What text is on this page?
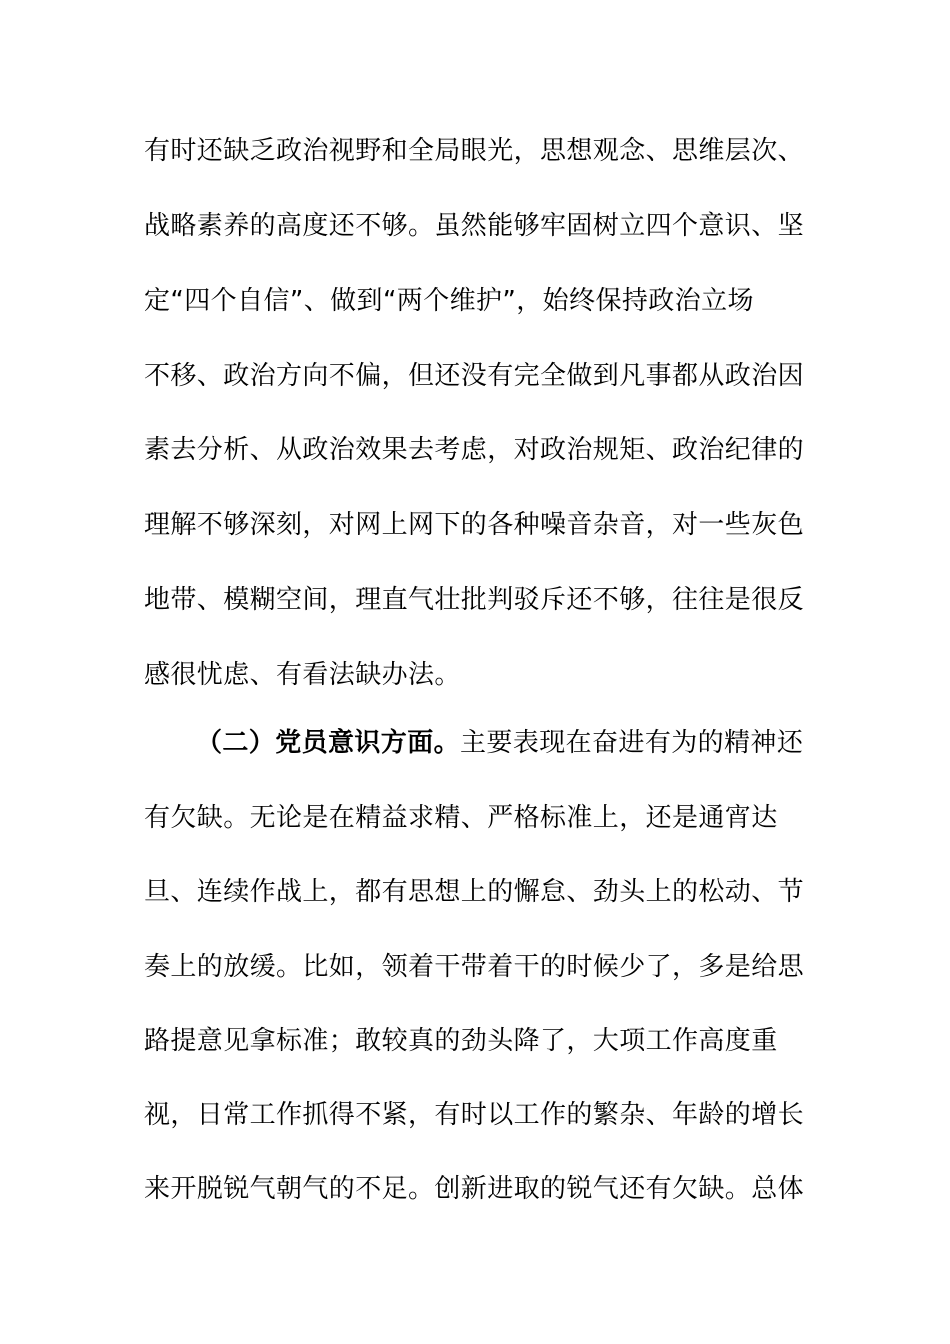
有时还缺乏政治视野和全局眼光，思想观念、思维层次、
战略素养的高度还不够。虽然能够牢固树立四个意识、坚
定“四个自信”、做到“两个维护”，始终保持政治立场
不移、政治方向不偏，但还没有完全做到凡事都从政治因
素去分析、从政治效果去考虑，对政治规矩、政治纪律的
理解不够深刻，对网上网下的各种噪音杂音，对一些灰色
地带、模糊空间，理直气壮批判驳斥还不够，往往是很反
感很忧虑、有看法缺办法。
（二）党员意识方面。主要表现在奋进有为的精神还
有欠缺。无论是在精益求精、严格标准上，还是通宵达
旦、连续作战上，都有思想上的懈怠、劲头上的松动、节
奏上的放缓。比如，领着干带着干的时候少了，多是给思
路提意见拿标准；敢较真的劲头降了，大项工作高度重
视，日常工作抓得不紧，有时以工作的繁杂、年龄的增长
来开脱锐气朝气的不足。创新进取的锐气还有欠缺。总体
